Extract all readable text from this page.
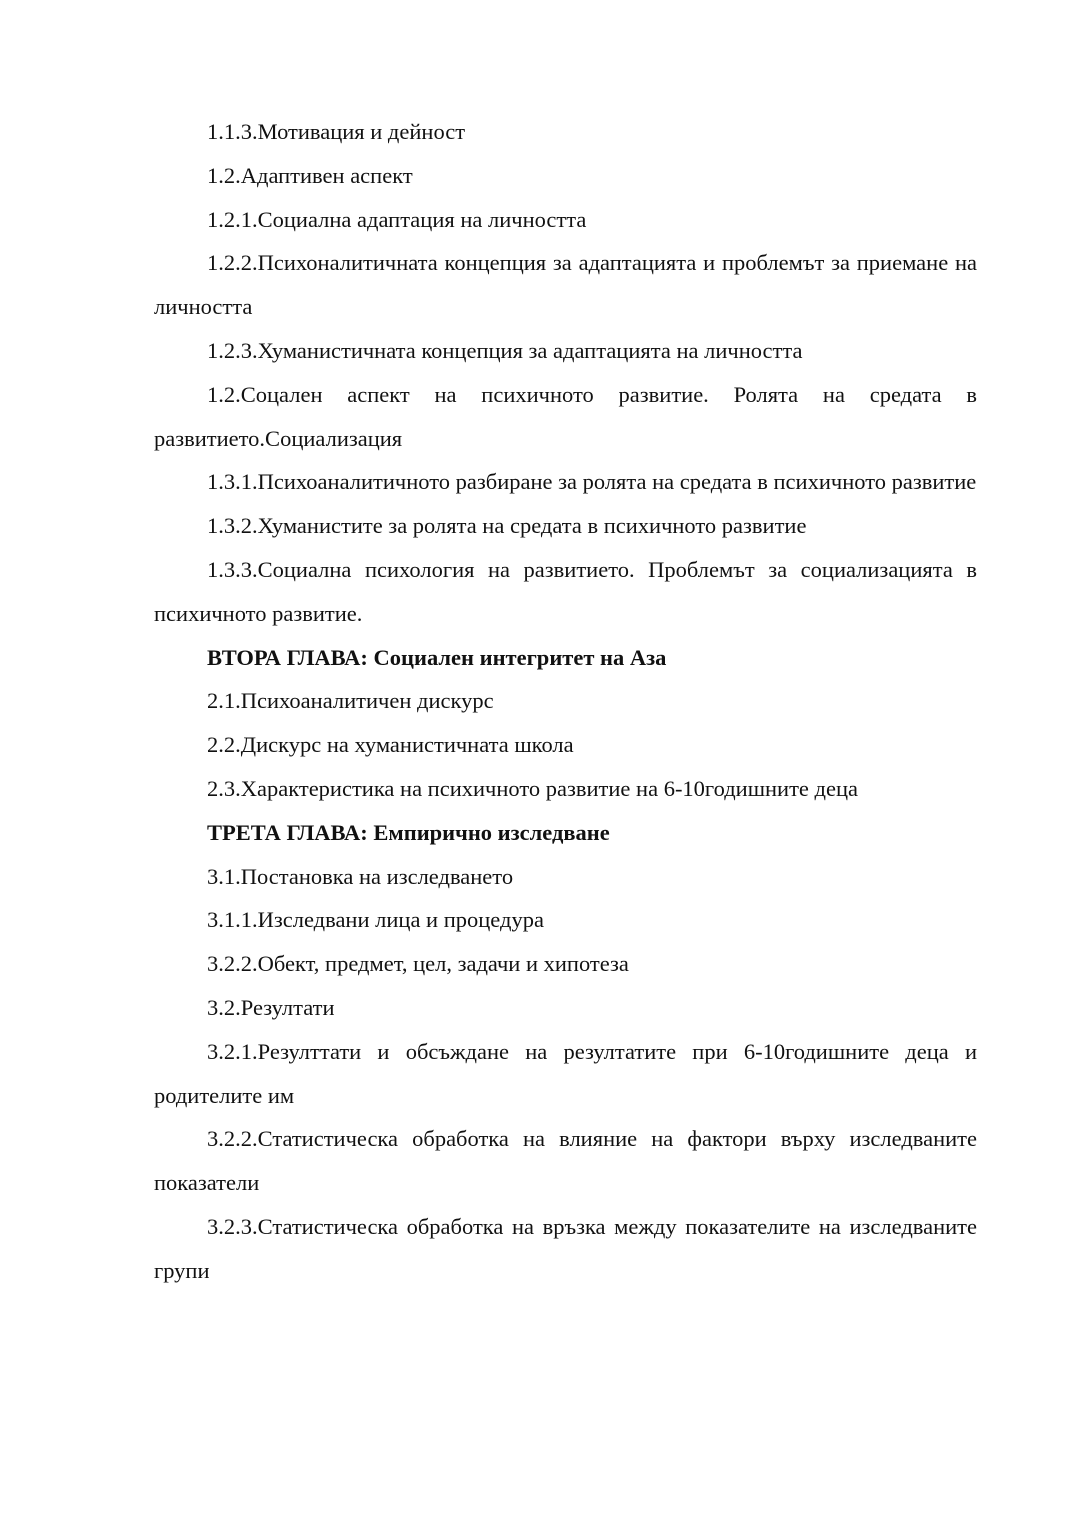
1.1.3.Мотивация и дейност

1.2.Адаптивен аспект

1.2.1.Социална адаптация на личността

1.2.2.Психоналитичната концепция за адаптацията и проблемът за приемане на личността

1.2.3.Хуманистичната концепция за адаптацията на личността

1.2.Соцален аспект на психичното развитие. Ролята на средата в развитието.Социализация

1.3.1.Психоаналитичното разбиране за ролята на средата в психичното развитие

1.3.2.Хуманистите за ролята на средата в психичното развитие

1.3.3.Социална психология на развитието. Проблемът за социализацията в психичното развитие.

ВТОРА ГЛАВА: Социален интегритет на Аза

2.1.Психоаналитичен дискурс

2.2.Дискурс на хуманистичната школа

2.3.Характеристика на психичното развитие на 6-10годишните деца

ТРЕТА ГЛАВА: Емпирично изследване

3.1.Постановка на изследването

3.1.1.Изследвани лица и процедура

3.2.2.Обект, предмет, цел, задачи и хипотеза

3.2.Резултати

3.2.1.Резулттати и обсъждане на резултатите при 6-10годишните деца и родителите им

3.2.2.Статистическа обработка на влияние на фактори върху изследваните показатели

3.2.3.Статистическа обработка на връзка между показателите на изследваните групи
